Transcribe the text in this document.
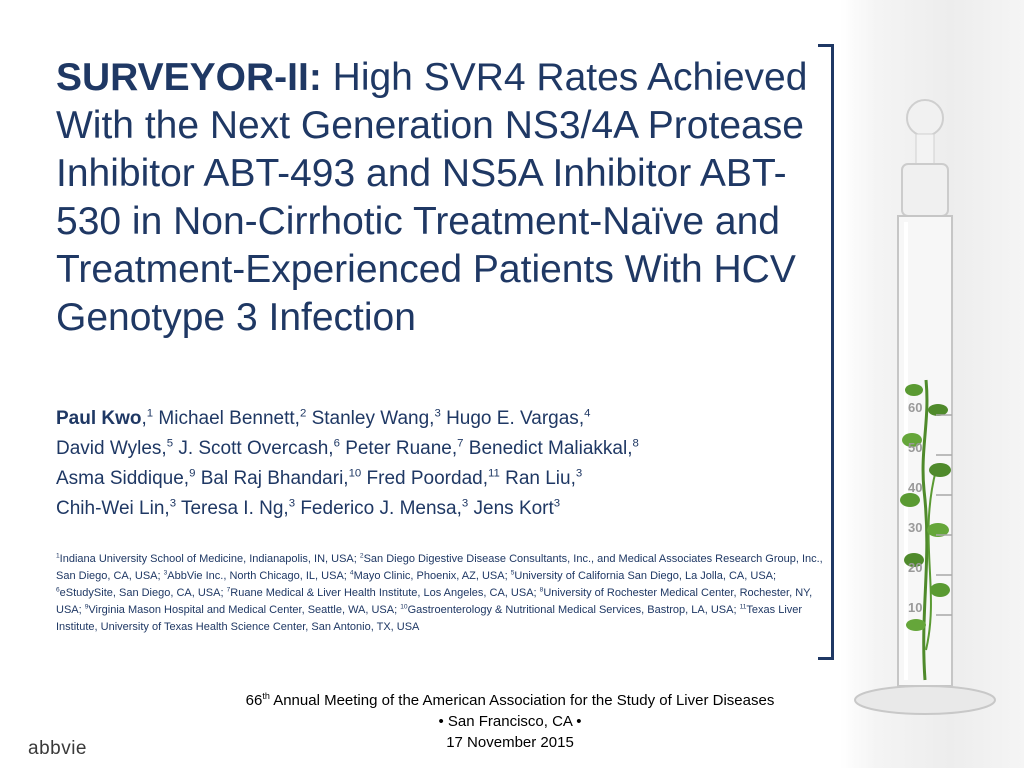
60
50
40
30
20
10
SURVEYOR-II: High SVR4 Rates Achieved With the Next Generation NS3/4A Protease Inhibitor ABT-493 and NS5A Inhibitor ABT-530 in Non-Cirrhotic Treatment-Naïve and Treatment-Experienced Patients With HCV Genotype 3 Infection
Paul Kwo,$^1$ Michael Bennett,$^2$ Stanley Wang,$^3$ Hugo E. Vargas,$^4$
David Wyles,$^5$ J. Scott Overcash,$^6$ Peter Ruane,$^7$ Benedict Maliakkal,$^8$
Asma Siddique,$^9$ Bal Raj Bhandari,$^{10}$ Fred Poordad,$^{11}$ Ran Liu,$^3$
Chih-Wei Lin,$^3$ Teresa I. Ng,$^3$ Federico J. Mensa,$^3$ Jens Kort$^3$
$^1$Indiana University School of Medicine, Indianapolis, IN, USA; $^2$San Diego Digestive Disease Consultants, Inc., and Medical Associates Research Group, Inc., San Diego, CA, USA; $^3$AbbVie Inc., North Chicago, IL, USA; $^4$Mayo Clinic, Phoenix, AZ, USA; $^5$University of California San Diego, La Jolla, CA, USA; $^6$eStudySite, San Diego, CA, USA; $^7$Ruane Medical & Liver Health Institute, Los Angeles, CA, USA; $^8$University of Rochester Medical Center, Rochester, NY, USA; $^9$Virginia Mason Hospital and Medical Center, Seattle, WA, USA; $^{10}$Gastroenterology & Nutritional Medical Services, Bastrop, LA, USA; $^{11}$Texas Liver Institute, University of Texas Health Science Center, San Antonio, TX, USA
66th Annual Meeting of the American Association for the Study of Liver Diseases
• San Francisco, CA •
17 November 2015
abbvie
